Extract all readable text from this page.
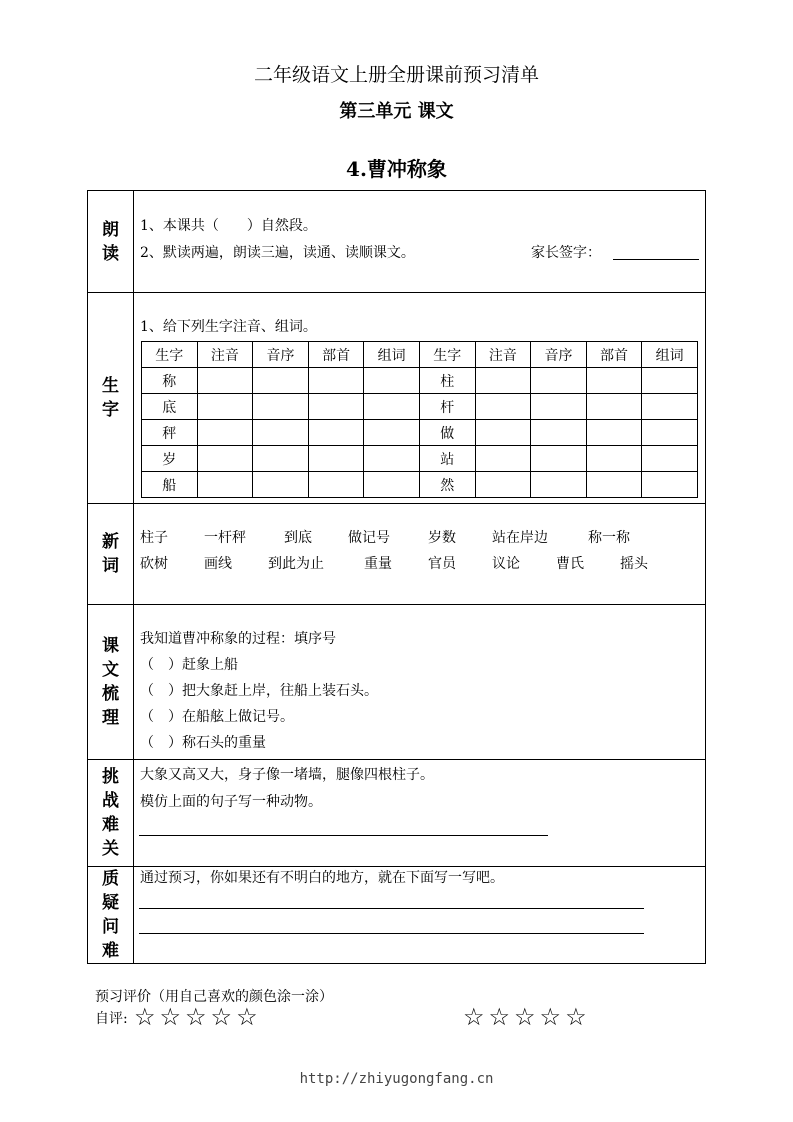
二年级语文上册全册课前预习清单
第三单元 课文
4.曹冲称象
朗
读
1、本课共（　　）自然段。
2、默读两遍，朗读三遍，读通、读顺课文。	家长签字：
生
字
1、给下列生字注音、组词。
生字	注音	音序	部首	组词	生字	注音	音序	部首	组词
称					柱				
底					杆				
秤					做				
岁					站				
船					然				
新
词
柱子	一杆秤	到底	做记号	岁数	站在岸边	称一称
砍树	画线	到此为止	重量	官员	议论	曹氏	摇头
课
文
梳
理
我知道曹冲称象的过程：填序号
（　）赶象上船
（　）把大象赶上岸，往船上装石头。
（　）在船舷上做记号。
（　）称石头的重量
挑
战
难
关
大象又高又大，身子像一堵墙，腿像四根柱子。
模仿上面的句子写一种动物。
质
疑
问
难
通过预习，你如果还有不明白的地方，就在下面写一写吧。
预习评价（用自己喜欢的颜色涂一涂）
自评: ☆☆☆☆☆	☆☆☆☆☆
http://zhiyugongfang.cn
